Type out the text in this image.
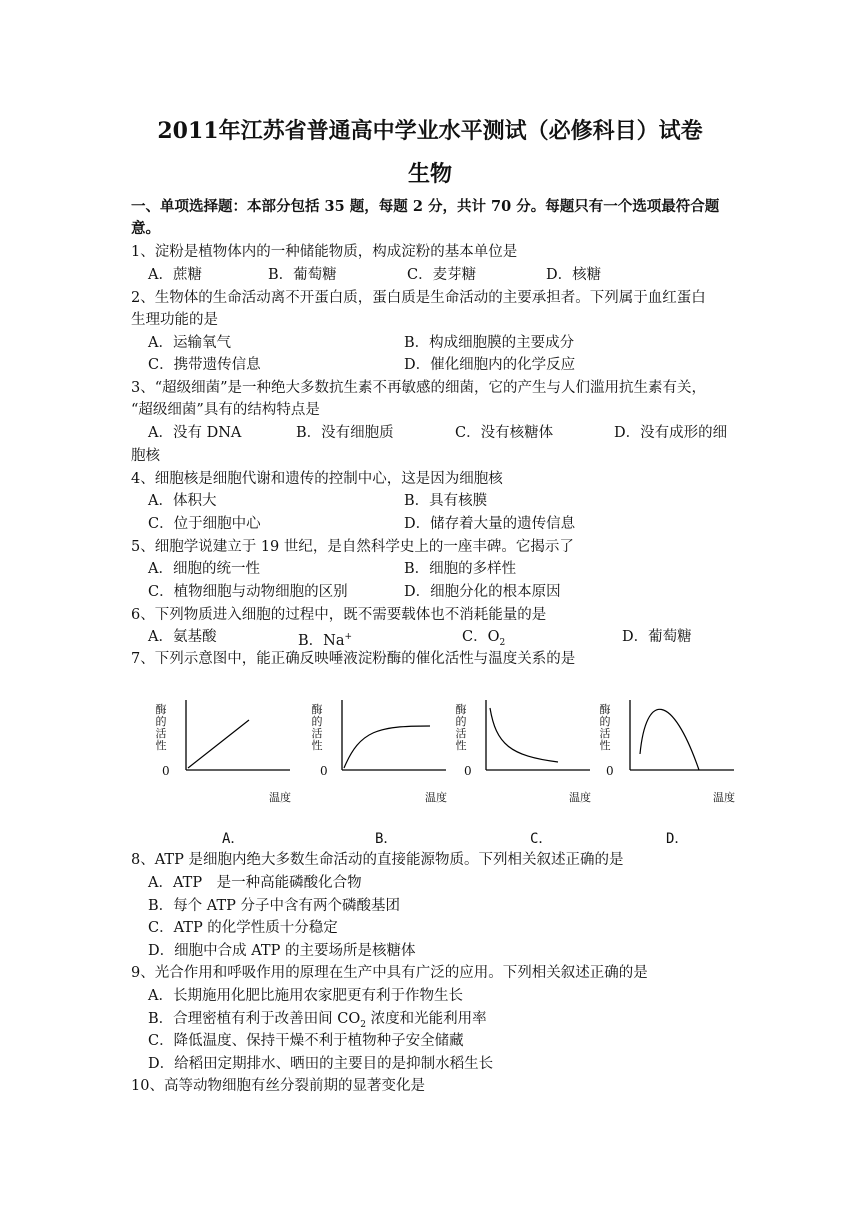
2011年江苏省普通高中学业水平测试（必修科目）试卷
生物
一、单项选择题：本部分包括 35 题，每题 2 分，共计 70 分。每题只有一个选项最符合题
意。
1、淀粉是植物体内的一种储能物质，构成淀粉的基本单位是
A．蔗糖	B．葡萄糖	C．麦芽糖	D．核糖
2、生物体的生命活动离不开蛋白质，蛋白质是生命活动的主要承担者。下列属于血红蛋白
生理功能的是
A．运输氧气	B．构成细胞膜的主要成分
C．携带遗传信息	D．催化细胞内的化学反应
3、“超级细菌”是一种绝大多数抗生素不再敏感的细菌，它的产生与人们滥用抗生素有关，
“超级细菌”具有的结构特点是
A．没有 DNA	B．没有细胞质	C．没有核糖体	D．没有成形的细
胞核
4、细胞核是细胞代谢和遗传的控制中心，这是因为细胞核
A．体积大	B．具有核膜
C．位于细胞中心	D．储存着大量的遗传信息
5、细胞学说建立于 19 世纪，是自然科学史上的一座丰碑。它揭示了
A．细胞的统一性	B．细胞的多样性
C．植物细胞与动物细胞的区别	D．细胞分化的根本原因
6、下列物质进入细胞的过程中，既不需要载体也不消耗能量的是
A．氨基酸	B．Na+	C．$O_2$	D．葡萄糖
7、下列示意图中，能正确反映唾液淀粉酶的催化活性与温度关系的是
酶的活性
0
温度
酶的活性
0
温度
酶的活性
0
温度
酶的活性
0
温度
A．	B．	C．	D．
8、ATP 是细胞内绝大多数生命活动的直接能源物质。下列相关叙述正确的是
A．ATP　是一种高能磷酸化合物
B．每个 ATP 分子中含有两个磷酸基团
C．ATP 的化学性质十分稳定
D．细胞中合成 ATP 的主要场所是核糖体
9、光合作用和呼吸作用的原理在生产中具有广泛的应用。下列相关叙述正确的是
A．长期施用化肥比施用农家肥更有利于作物生长
B．合理密植有利于改善田间 $CO_2$ 浓度和光能利用率
C．降低温度、保持干燥不利于植物种子安全储藏
D．给稻田定期排水、晒田的主要目的是抑制水稻生长
10、高等动物细胞有丝分裂前期的显著变化是
